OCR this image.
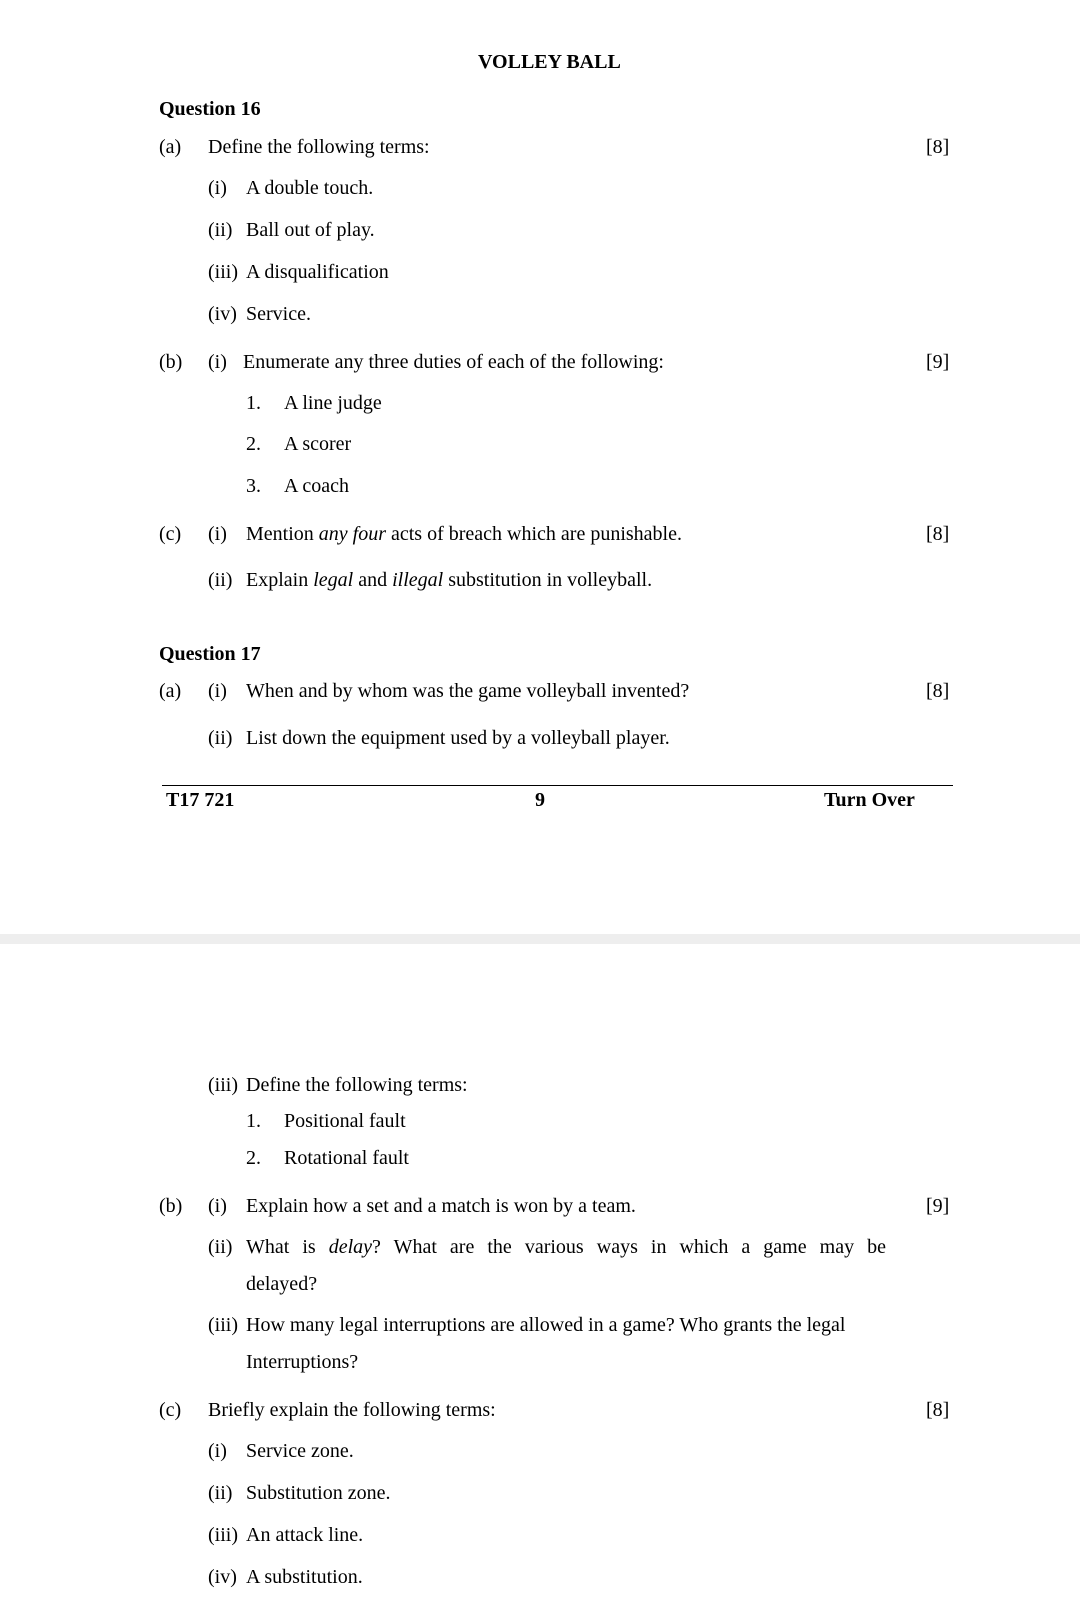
VOLLEY BALL
Question 16
(a) Define the following terms:	[8]
(i) A double touch.
(ii) Ball out of play.
(iii) A disqualification
(iv) Service.
(b) (i) Enumerate any three duties of each of the following:	[9]
1. A line judge
2. A scorer
3. A coach
(c) (i) Mention any four acts of breach which are punishable.	[8]
(ii) Explain legal and illegal substitution in volleyball.
Question 17
(a) (i) When and by whom was the game volleyball invented?	[8]
(ii) List down the equipment used by a volleyball player.
T17 721	9	Turn Over
(iii) Define the following terms:
1. Positional fault
2. Rotational fault
(b) (i) Explain how a set and a match is won by a team.	[9]
(ii) What is delay? What are the various ways in which a game may be
delayed?
(iii) How many legal interruptions are allowed in a game? Who grants the legal
Interruptions?
(c) Briefly explain the following terms:	[8]
(i) Service zone.
(ii) Substitution zone.
(iii) An attack line.
(iv) A substitution.
